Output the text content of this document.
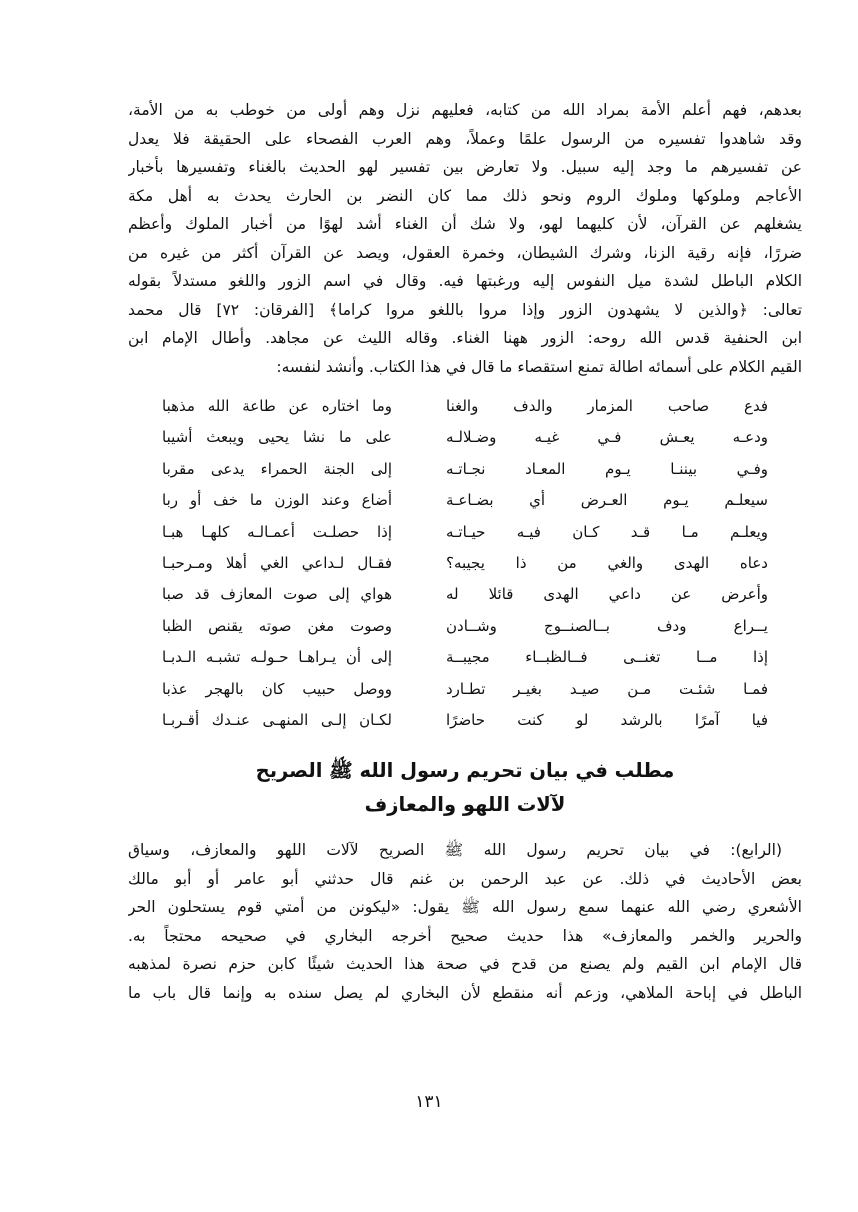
بعدهم، فهم أعلم الأمة بمراد الله من كتابه، فعليهم نزل وهم أولى من خوطب به من الأمة،
وقد شاهدوا تفسيره من الرسول علمًا وعملاً، وهم العرب الفصحاء على الحقيقة فلا يعدل
عن تفسيرهم ما وجد إليه سبيل. ولا تعارض بين تفسير لهو الحديث بالغناء وتفسيرها بأخبار
الأعاجم وملوكها وملوك الروم ونحو ذلك مما كان النضر بن الحارث يحدث به أهل مكة
يشغلهم عن القرآن، لأن كليهما لهو، ولا شك أن الغناء أشد لهوًا من أخبار الملوك وأعظم
ضررًا، فإنه رقية الزنا، وشرك الشيطان، وخمرة العقول، ويصد عن القرآن أكثر من غيره من
الكلام الباطل لشدة ميل النفوس إليه ورغبتها فيه. وقال في اسم الزور واللغو مستدلاً بقوله
تعالى: ﴿والذين لا يشهدون الزور وإذا مروا باللغو مروا كراما﴾ [الفرقان: ٧٢] قال محمد
ابن الحنفية قدس الله روحه: الزور ههنا الغناء. وقاله الليث عن مجاهد. وأطال الإمام ابن
القيم الكلام على أسمائه اطالة تمنع استقصاء ما قال في هذا الكتاب. وأنشد لنفسه:
فدع صاحب المزمار والدف والغنا
وما اختاره عن طاعة الله مذهبا
ودعـه يعـش فـي غيـه وضـلالـه
على ما نشا يحيى ويبعث أشيبا
وفـي بيننـا يـوم المعـاد نجـاتـه
إلى الجنة الحمراء يدعى مقربا
سيعلـم يـوم العـرض أي بضـاعـة
أضاع وعند الوزن ما خف أو ربا
ويعلـم مـا قـد كـان فيـه حيـاتـه
إذا حصلـت أعمـالـه كلهـا هبـا
دعاه الهدى والغي من ذا يجيبه؟
فقـال لـداعي الغي أهلا ومـرحبـا
وأعرض عن داعي الهدى قائلا له
هواي إلى صوت المعازف قد صبا
يــراع ودف بــالصنــوج وشــادن
وصوت مغن صوته يقنص الظبا
إذا مــا تغنــى فــالظبــاء مجيبــة
إلى أن يـراهـا حـولـه تشبـه الـدبـا
فمـا شئـت مـن صيـد بغيـر تطـارد
ووصل حبيب كان بالهجر عذبا
فيا آمرًا بالرشد لو كنت حاضرًا
لكـان إلـى المنهـى عنـدك أقـربـا
مطلب في بيان تحريم رسول الله ﷺ الصريح
لآلات اللهو والمعازف
(الرابع): في بيان تحريم رسول الله ﷺ الصريح لآلات اللهو والمعازف، وسياق
بعض الأحاديث في ذلك. عن عبد الرحمن بن غنم قال حدثني أبو عامر أو أبو مالك
الأشعري رضي الله عنهما سمع رسول الله ﷺ يقول: «ليكونن من أمتي قوم يستحلون الحر
والحرير والخمر والمعازف» هذا حديث صحيح أخرجه البخاري في صحيحه محتجاً به.
قال الإمام ابن القيم ولم يصنع من قدح في صحة هذا الحديث شيئًا كابن حزم نصرة لمذهبه
الباطل في إباحة الملاهي، وزعم أنه منقطع لأن البخاري لم يصل سنده به وإنما قال باب ما
١٣١
